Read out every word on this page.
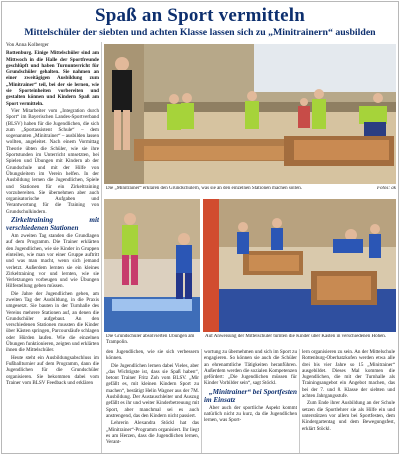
Spaß an Sport vermitteln
Mittelschüler der siebten und achten Klasse lassen sich zu „Minitrainern“ ausbilden
Von Anna Kolberger

Rottenburg. Einige Mittelschüler sind am Mittwoch in die Halle der Sportfreunde geschlüpft und haben Turnunterricht für Grundschüler gehalten. Sie nahmen an einer zweitägigen Ausbildung zum „Minitrainer“ teil, bei der sie lernen, wie sie Sporteinheiten vorbereiten und gestalten können und Kindern Spaß am Sport vermitteln.

Vier Mitarbeiter vom „Integration durch Sport“ im Bayerischen Landes-Sportverband (BLSV) haben für die Jugendlichen, die sich zum „Sportassistent Schule“ – dem sogenannten „Minitrainer“ – ausbilden lassen wollten, angeleitet. Nach einem Vormittag Theorie übten die Schüler, wie sie ihre Sportstunden im Unterricht umsetzten, bei Spielen und Übungen mit Kindern ab der Grundschule und mit der Hilfe von Übungsleitern im Verein helfen. In der Ausbildung lernen die Jugendlichen, Spiele und Stationen für ein Zirkeltraining vorzubereiten. Sie übernehmen aber auch organisatorische Aufgaben und Verantwortung für die Training von Grundschulkindern.

Zirkeltraining mit verschiedenen Stationen

Am zweiten Tag standen die Grundlagen auf dem Programm. Die Trainer erklärten den Jugendlichen, wie sie Kinder in Gruppen einteilen, wie man vor einer Gruppe auftritt und was man macht, wenn sich jemand verletzt. Außerdem lernten sie ein kleines Zirkeltraining vor und lernten, wie sie Verletzungen vorbeugen und wie Übungen Hilfestellung geben müssen.

Die Jahre der Jugendlichen gehen, am zweiten Tag der Ausbildung, in die Praxis umgesetzt. Sie bauten in der Turnhalle des Vereins mehrere Stationen auf, an denen die Grundschüler aufgebaut. An den verschiedenen Stationen mussten die Kinder über Kästen springen, Parcoursläufe schlagen oder Hürden laufen. Wie die einzelnen Übungen funktionieren, zeigten und erklärten ihnen die Mittelschüler.

Heute steht ein Ausbildungsabschluss im Fußballturnier auf dem Programm, dann die Jugendlichen für die Grundschüler organisieren. Sie bekommen dabei vom Trainer vom BLSV Feedback und erklären

Die „Minitrainer“ erklären den Grundschülern, was sie an den einzelnen Stationen machen sollen.	Fotos: ak
Die Grundschüler absolvierten Übungen am Trampolin.
Auf Anweisung der Mittelschüler turnten die Kinder über Kästen in verschiedenen Höhen.

den Jugendlichen, wie sie sich verbessern können.

Die Jugendlichen lernen dabei Vieles, aber „das Wichtigste ist, dass sie Spaß haben“, betont Trainer Fritz Zoh vom BLSV. „Mir gefällt es, mit kleinen Kindern Sport zu machen“, bestätigt Helin Wagner aus der 7M. Ausbildung. Der Austauschleiter und Auszug gefällt es ihr und weiter Kinderbetreuung mit Sport, aber manchmal sei es auch anstrengend, das den Kindern nicht passiert.

Lehrerin Alexandra Stöckl hat das „Minitrainer“-Programm organisiert. Ihr liegt es am Herzen, dass die Jugendlichen lernen, Verant-

wortung zu übernehmen und sich im Sport zu engagieren. So können sie auch die Schüler an ehrenamtliche Tätigkeiten heranführen. Außerdem werden die sozialen Kompetenzen gefördert: „Die Jugendlichen müssen für Kinder Vorbilder sein“, sagt Stöckl.

„Minitrainer“ bei Sportfesten im Einsatz

Aber auch der sportliche Aspekt kommt natürlich nicht zu kurz, da die Jugendlichen lernen, was Sport-

lern organisieren zu sein. An der Mittelschule Rottenburg-Oberhatzkofen werden etwa alle drei bis vier Jahre so 15 „Minitrainer“ ausgebildet. Dieses Mal kommen die Jugendlichen, die mit der Turnhalle als Trainingsangebot ein Angebot machen, das bei der 7. und 8. Klasse der siebten und achten Jahrgangsstufe.

Zum Ende ihrer Ausbildung an der Schule setzen die Sportlehrer sie als Hilfe ein und unterstützen vor allem bei Sportfesten, dem Kindergartentag und dem Bewegungsfest, erklärt Stöckl.
